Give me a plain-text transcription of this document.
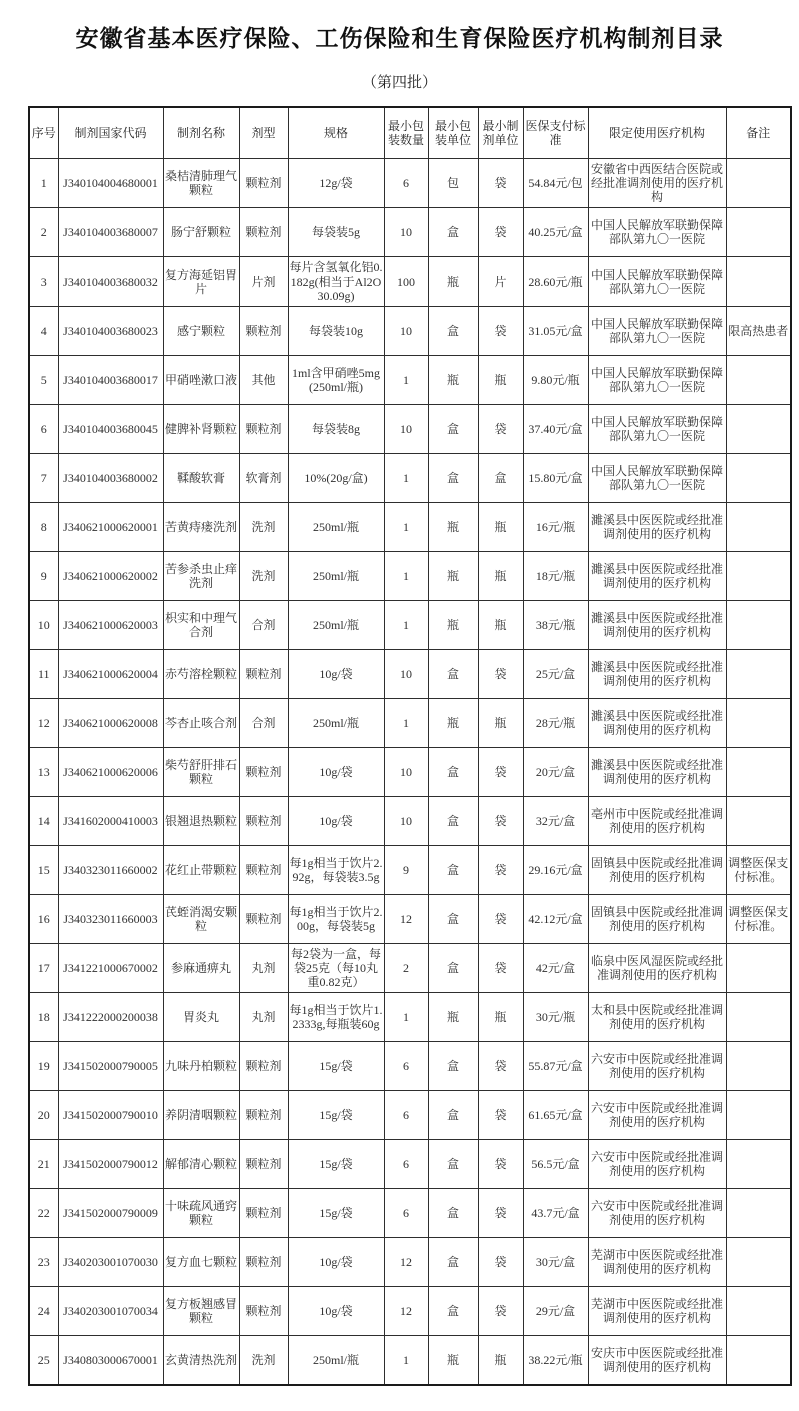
安徽省基本医疗保险、工伤保险和生育保险医疗机构制剂目录
（第四批）
序号	制剂国家代码	制剂名称	剂型	规格	最小包装数量	最小包装单位	最小制剂单位	医保支付标准	限定使用医疗机构	备注
1	J340104004680001	桑桔清肺理气颗粒	颗粒剂	12g/袋	6	包	袋	54.84元/包	安徽省中西医结合医院或经批准调剂使用的医疗机构	
2	J340104003680007	肠宁舒颗粒	颗粒剂	每袋装5g	10	盒	袋	40.25元/盒	中国人民解放军联勤保障部队第九〇一医院	
3	J340104003680032	复方海延铝胃片	片剂	每片含氢氧化铝0.182g(相当于Al2O30.09g)	100	瓶	片	28.60元/瓶	中国人民解放军联勤保障部队第九〇一医院	
4	J340104003680023	感宁颗粒	颗粒剂	每袋装10g	10	盒	袋	31.05元/盒	中国人民解放军联勤保障部队第九〇一医院	限高热患者
5	J340104003680017	甲硝唑漱口液	其他	1ml含甲硝唑5mg(250ml/瓶)	1	瓶	瓶	9.80元/瓶	中国人民解放军联勤保障部队第九〇一医院	
6	J340104003680045	健脾补肾颗粒	颗粒剂	每袋装8g	10	盒	袋	37.40元/盒	中国人民解放军联勤保障部队第九〇一医院	
7	J340104003680002	鞣酸软膏	软膏剂	10%(20g/盒)	1	盒	盒	15.80元/盒	中国人民解放军联勤保障部队第九〇一医院	
8	J340621000620001	苦黄痔瘘洗剂	洗剂	250ml/瓶	1	瓶	瓶	16元/瓶	濉溪县中医医院或经批准调剂使用的医疗机构	
9	J340621000620002	苦参杀虫止痒洗剂	洗剂	250ml/瓶	1	瓶	瓶	18元/瓶	濉溪县中医医院或经批准调剂使用的医疗机构	
10	J340621000620003	枳实和中理气合剂	合剂	250ml/瓶	1	瓶	瓶	38元/瓶	濉溪县中医医院或经批准调剂使用的医疗机构	
11	J340621000620004	赤芍溶栓颗粒	颗粒剂	10g/袋	10	盒	袋	25元/盒	濉溪县中医医院或经批准调剂使用的医疗机构	
12	J340621000620008	芩杏止咳合剂	合剂	250ml/瓶	1	瓶	瓶	28元/瓶	濉溪县中医医院或经批准调剂使用的医疗机构	
13	J340621000620006	柴芍舒肝排石颗粒	颗粒剂	10g/袋	10	盒	袋	20元/盒	濉溪县中医医院或经批准调剂使用的医疗机构	
14	J341602000410003	银翘退热颗粒	颗粒剂	10g/袋	10	盒	袋	32元/盒	亳州市中医院或经批准调剂使用的医疗机构	
15	J340323011660002	花红止带颗粒	颗粒剂	每1g相当于饮片2.92g，每袋装3.5g	9	盒	袋	29.16元/盒	固镇县中医院或经批准调剂使用的医疗机构	调整医保支付标准。
16	J340323011660003	芪蛭消渴安颗粒	颗粒剂	每1g相当于饮片2.00g，每袋装5g	12	盒	袋	42.12元/盒	固镇县中医院或经批准调剂使用的医疗机构	调整医保支付标准。
17	J341221000670002	参麻通痹丸	丸剂	每2袋为一盒，每袋25克（每10丸重0.82克）	2	盒	袋	42元/盒	临泉中医风湿医院或经批准调剂使用的医疗机构	
18	J341222000200038	胃炎丸	丸剂	每1g相当于饮片1.2333g,每瓶装60g	1	瓶	瓶	30元/瓶	太和县中医院或经批准调剂使用的医疗机构	
19	J341502000790005	九味丹柏颗粒	颗粒剂	15g/袋	6	盒	袋	55.87元/盒	六安市中医院或经批准调剂使用的医疗机构	
20	J341502000790010	养阴清咽颗粒	颗粒剂	15g/袋	6	盒	袋	61.65元/盒	六安市中医院或经批准调剂使用的医疗机构	
21	J341502000790012	解郁清心颗粒	颗粒剂	15g/袋	6	盒	袋	56.5元/盒	六安市中医院或经批准调剂使用的医疗机构	
22	J341502000790009	十味疏风通窍颗粒	颗粒剂	15g/袋	6	盒	袋	43.7元/盒	六安市中医院或经批准调剂使用的医疗机构	
23	J340203001070030	复方血七颗粒	颗粒剂	10g/袋	12	盒	袋	30元/盒	芜湖市中医医院或经批准调剂使用的医疗机构	
24	J340203001070034	复方板翘感冒颗粒	颗粒剂	10g/袋	12	盒	袋	29元/盒	芜湖市中医医院或经批准调剂使用的医疗机构	
25	J340803000670001	玄黄清热洗剂	洗剂	250ml/瓶	1	瓶	瓶	38.22元/瓶	安庆市中医医院或经批准调剂使用的医疗机构	
